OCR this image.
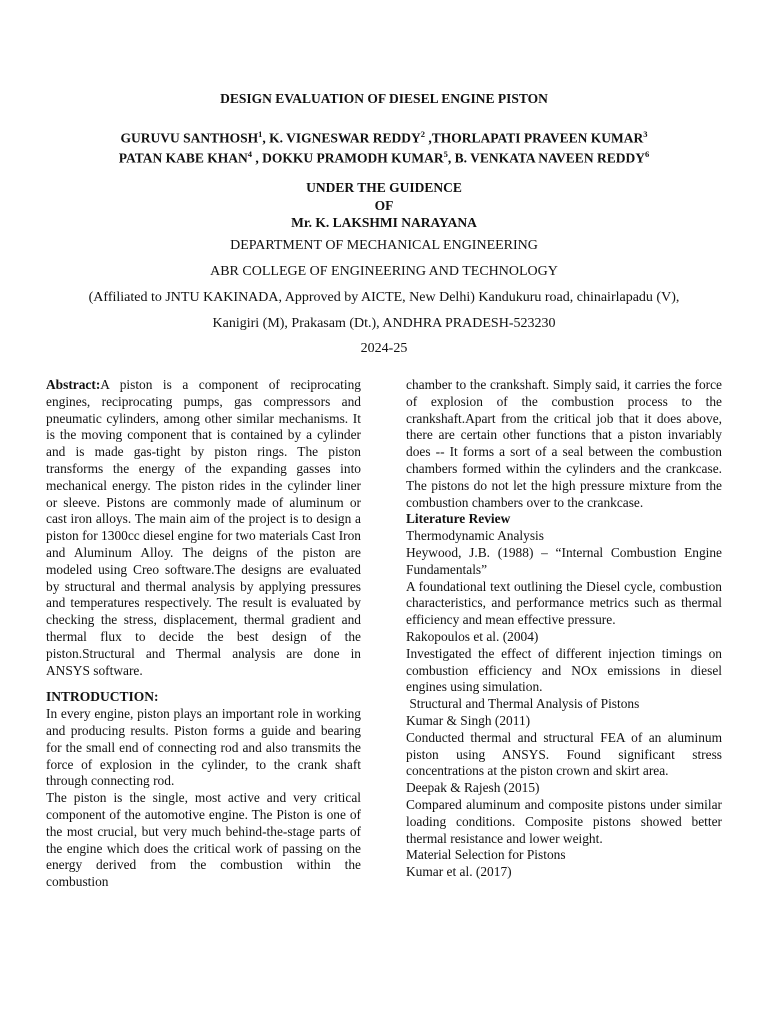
DESIGN EVALUATION OF DIESEL ENGINE PISTON
GURUVU SANTHOSH$^1$, K. VIGNESWAR REDDY$^2$ ,THORLAPATI PRAVEEN KUMAR$^3$
PATAN KABE KHAN$^4$ , DOKKU PRAMODH KUMAR$^5$, B. VENKATA NAVEEN REDDY$^6$
UNDER THE GUIDENCE
OF
Mr. K. LAKSHMI NARAYANA
DEPARTMENT OF MECHANICAL ENGINEERING
ABR COLLEGE OF ENGINEERING AND TECHNOLOGY
(Affiliated to JNTU KAKINADA, Approved by AICTE, New Delhi) Kandukuru road, chinairlapadu (V),
Kanigiri (M), Prakasam (Dt.), ANDHRA PRADESH-523230
2024-25

Abstract:A piston is a component of reciprocating engines, reciprocating pumps, gas compressors and pneumatic cylinders, among other similar mechanisms. It is the moving component that is contained by a cylinder and is made gas-tight by piston rings. The piston transforms the energy of the expanding gasses into mechanical energy. The piston rides in the cylinder liner or sleeve. Pistons are commonly made of aluminum or cast iron alloys. The main aim of the project is to design a piston for 1300cc diesel engine for two materials Cast Iron and Aluminum Alloy. The deigns of the piston are modeled using Creo software.The designs are evaluated by structural and thermal analysis by applying pressures and temperatures respectively. The result is evaluated by checking the stress, displacement, thermal gradient and thermal flux to decide the best design of the piston.Structural and Thermal analysis are done in ANSYS software.

INTRODUCTION:

In every engine, piston plays an important role in working and producing results. Piston forms a guide and bearing for the small end of connecting rod and also transmits the force of explosion in the cylinder, to the crank shaft through connecting rod.

The piston is the single, most active and very critical component of the automotive engine. The Piston is one of the most crucial, but very much behind-the-stage parts of the engine which does the critical work of passing on the energy derived from the combustion within the combustion

chamber to the crankshaft. Simply said, it carries the force of explosion of the combustion process to the crankshaft.Apart from the critical job that it does above, there are certain other functions that a piston invariably does -- It forms a sort of a seal between the combustion chambers formed within the cylinders and the crankcase. The pistons do not let the high pressure mixture from the combustion chambers over to the crankcase.

Literature Review

Thermodynamic Analysis

Heywood, J.B. (1988) – “Internal Combustion Engine Fundamentals”

A foundational text outlining the Diesel cycle, combustion characteristics, and performance metrics such as thermal efficiency and mean effective pressure.

Rakopoulos et al. (2004)

Investigated the effect of different injection timings on combustion efficiency and NOx emissions in diesel engines using simulation.

Structural and Thermal Analysis of Pistons

Kumar & Singh (2011)

Conducted thermal and structural FEA of an aluminum piston using ANSYS. Found significant stress concentrations at the piston crown and skirt area.

Deepak & Rajesh (2015)

Compared aluminum and composite pistons under similar loading conditions. Composite pistons showed better thermal resistance and lower weight.

Material Selection for Pistons

Kumar et al. (2017)
